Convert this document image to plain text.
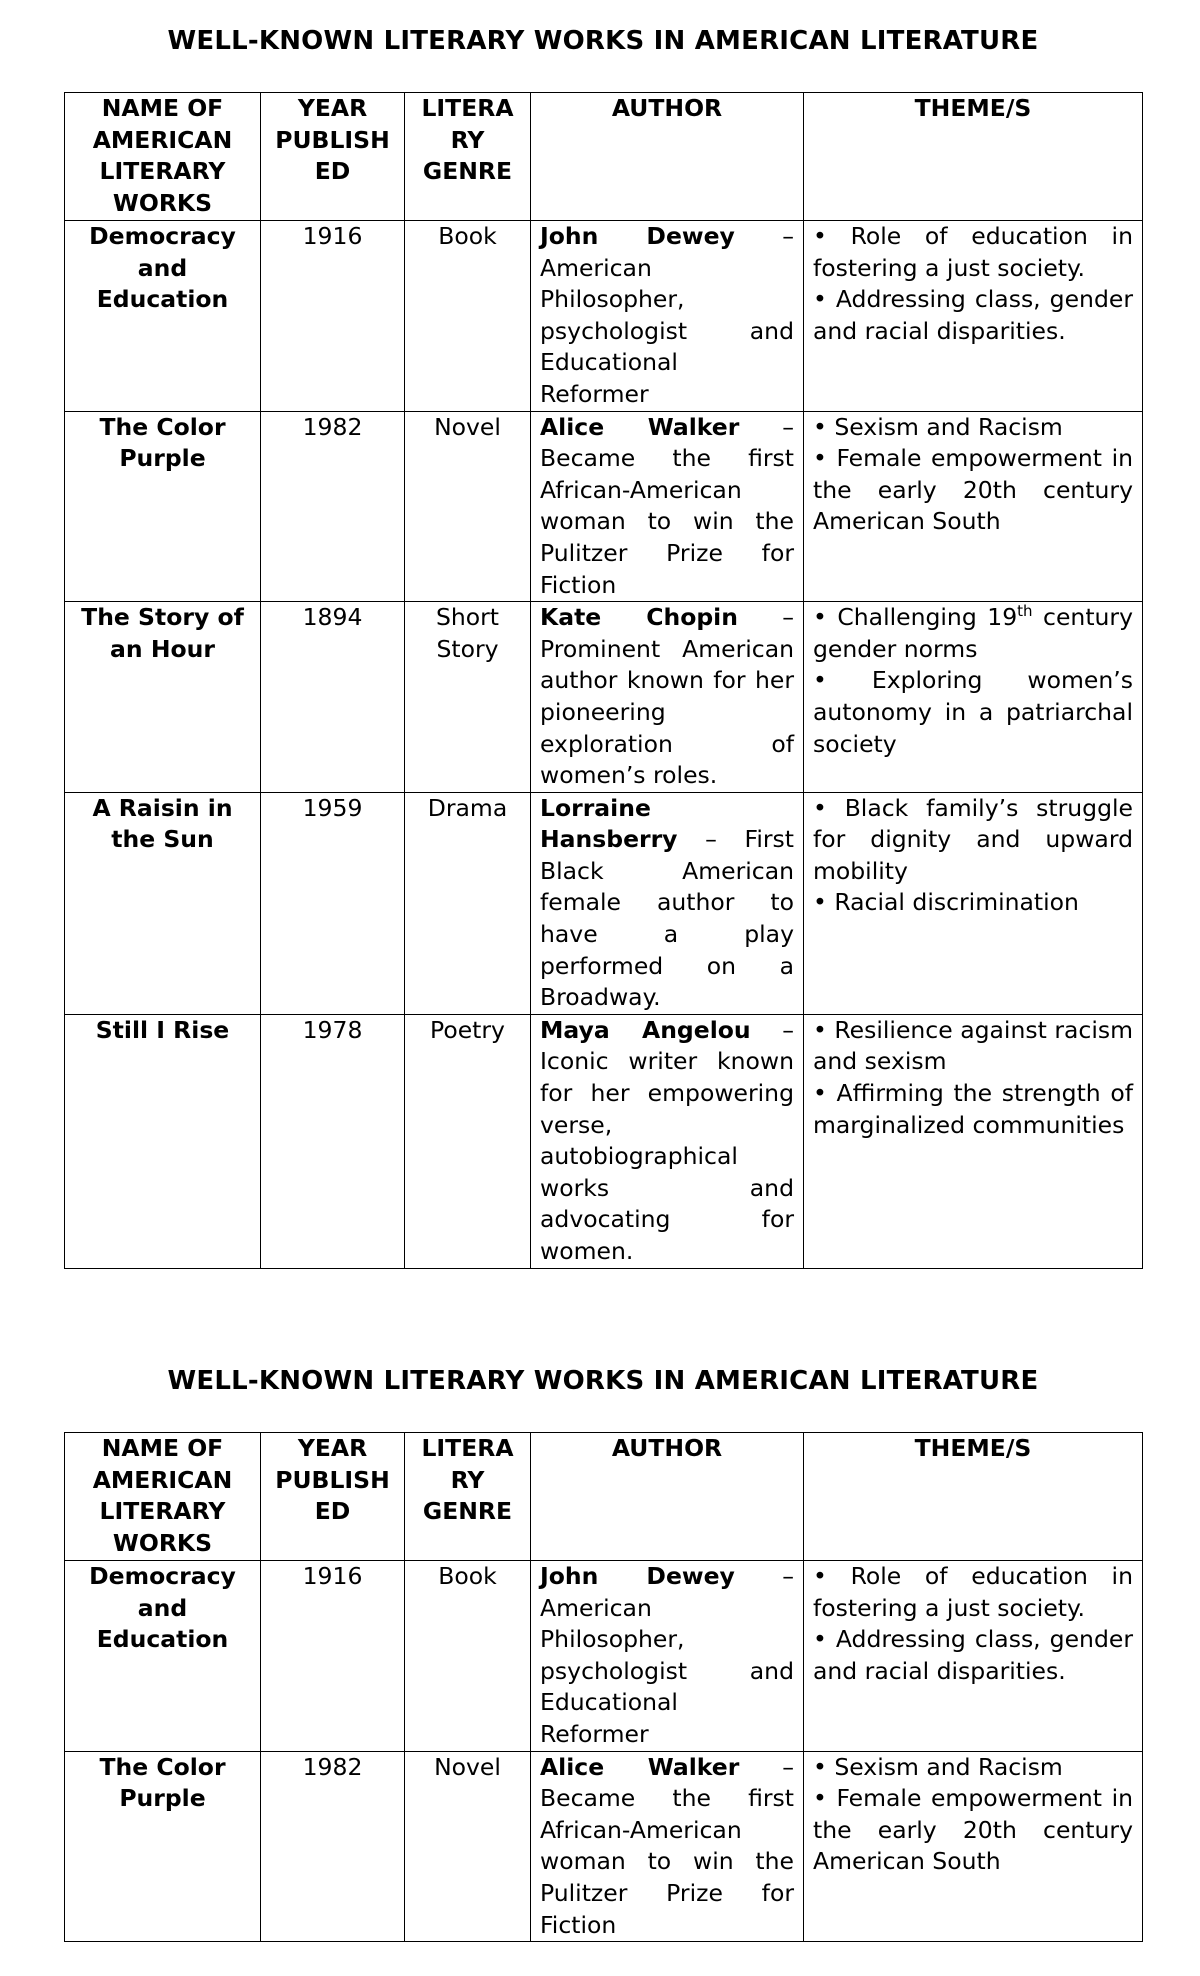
WELL-KNOWN LITERARY WORKS IN AMERICAN LITERATURE
NAME OF AMERICAN LITERARY WORKS	YEAR PUBLISH ED	LITERA RY GENRE	AUTHOR	THEME/S
Democracy and Education	1916	Book	John Dewey – American Philosopher, psychologist and Educational Reformer	• Role of education in fostering a just society.
• Addressing class, gender and racial disparities.

The Color Purple	1982	Novel	Alice Walker – Became the first African-American woman to win the Pulitzer Prize for Fiction	• Sexism and Racism
• Female empowerment in the early 20th century American South

The Story of an Hour	1894	Short Story	Kate Chopin – Prominent American author known for her pioneering exploration of women’s roles.	• Challenging 19th century gender norms
• Exploring women’s autonomy in a patriarchal society

A Raisin in the Sun	1959	Drama	Lorraine Hansberry – First Black American female author to have a play performed on a Broadway.	• Black family’s struggle for dignity and upward mobility
• Racial discrimination

Still I Rise	1978	Poetry	Maya Angelou – Iconic writer known for her empowering verse, autobiographical works and advocating for women.	• Resilience against racism and sexism
• Affirming the strength of marginalized communities
WELL-KNOWN LITERARY WORKS IN AMERICAN LITERATURE
NAME OF AMERICAN LITERARY WORKS	YEAR PUBLISH ED	LITERA RY GENRE	AUTHOR	THEME/S
Democracy and Education	1916	Book	John Dewey – American Philosopher, psychologist and Educational Reformer	• Role of education in fostering a just society.
• Addressing class, gender and racial disparities.

The Color Purple	1982	Novel	Alice Walker – Became the first African-American woman to win the Pulitzer Prize for Fiction	• Sexism and Racism
• Female empowerment in the early 20th century American South
